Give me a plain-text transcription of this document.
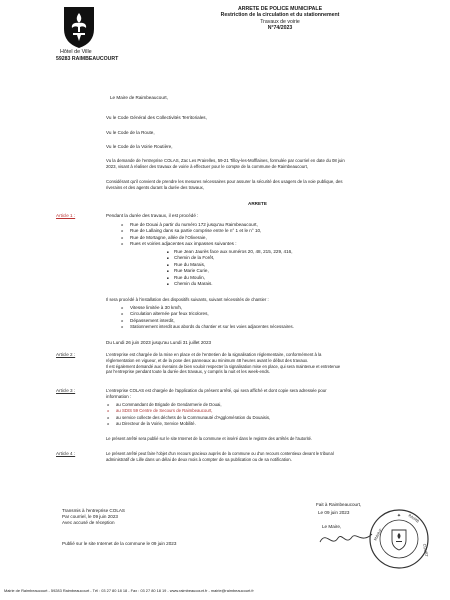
Hôtel de Ville
59283 RAIMBEAUCOURT
ARRETE DE POLICE MUNICIPALE
Restriction de la circulation et du stationnement
Travaux de voirie
N°74/2023
Le Maire de Raimbeaucourt,
Vu le Code Général des Collectivités Territoriales,
Vu le Code de la Route,
Vu le Code de la Voirie Routière,
Vu la demande de l'entreprise COLAS, Zac Les Prairelles, 59-21 Tilloy-les-Mofflaines, formulée par courriel en date du 08 juin
2023, visant à réaliser des travaux de voirie à effectuer pour le compte de la commune de Raimbeaucourt,
Considérant qu'il convient de prendre les mesures nécessaires pour assurer la sécurité des usagers de la voie publique, des
riverains et des agents durant la durée des travaux,
ARRETE
Article 1 :	Pendant la durée des travaux, il est procédé :
o Rue de Douai à partir du numéro 172 jusqu'au Raimbeaucourt,
o Rue de Lallaing dans sa partie comprise entre le n° 1 et le n° 10,
o Rue de Mortagne, allée de l'Oliveraie,
o Rues et voiries adjacentes aux impasses suivantes :
■ Rue Jean Jaurès face aux numéros 20, 48, 215, 229, 416,
■ Chemin de la Forêt,
■ Rue du Marais,
■ Rue Marie Curie,
■ Rue du Moulin,
■ Chemin du Marais.
Il sera procédé à l'installation des dispositifs suivants, suivant nécessités de chantier :
o Vitesse limitée à 30 km/h,
o Circulation alternée par feux tricolores,
o Dépassement interdit,
o Stationnement interdit aux abords du chantier et sur les voies adjacentes nécessaires.
Du Lundi 26 juin 2023 jusqu'au Lundi 31 juillet 2023
Article 2 :	L'entreprise est chargée de la mise en place et de l'entretien de la signalisation réglementaire, conformément à la
réglementation en vigueur, et de la pose des panneaux au minimum 48 heures avant le début des travaux.
Il est également demandé aux riverains de bien vouloir respecter la signalisation mise en place, qui sera maintenue et entretenue
par l'entreprise pendant toute la durée des travaux, y compris la nuit et les week-ends.
Article 3 :	L'entreprise COLAS est chargée de l'application du présent arrêté, qui sera affiché et dont copie sera adressée pour
information :
o au Commandant de Brigade de Gendarmerie de Douai,
o au SDIS 59 Centre de Secours de Raimbeaucourt,
o au service collecte des déchets de la Communauté d'Agglomération du Douaisis,
o au Directeur de la Voirie, Service Mobilité.
Le présent arrêté sera publié sur le site Internet de la commune et inséré dans le registre des arrêtés de l'autorité.
Article 4 :	Le présent arrêté peut faire l'objet d'un recours gracieux auprès de la commune ou d'un recours contentieux devant le tribunal
administratif de Lille dans un délai de deux mois à compter de sa publication ou de sa notification.
Fait à Raimbeaucourt,
Le 09 juin 2023
Le Maire,
✦
MAIRIE
RAIMB
COURT
Transmis à l'entreprise COLAS
Par courriel, le 09 juin 2023
Avec accusé de réception
Publié sur le site Internet de la commune le 09 juin 2023
Mairie de Raimbeaucourt - 59283 Raimbeaucourt - Tél : 03 27 80 18 18 - Fax : 03 27 80 18 19 - www.raimbeaucourt.fr - mairie@raimbeaucourt.fr
